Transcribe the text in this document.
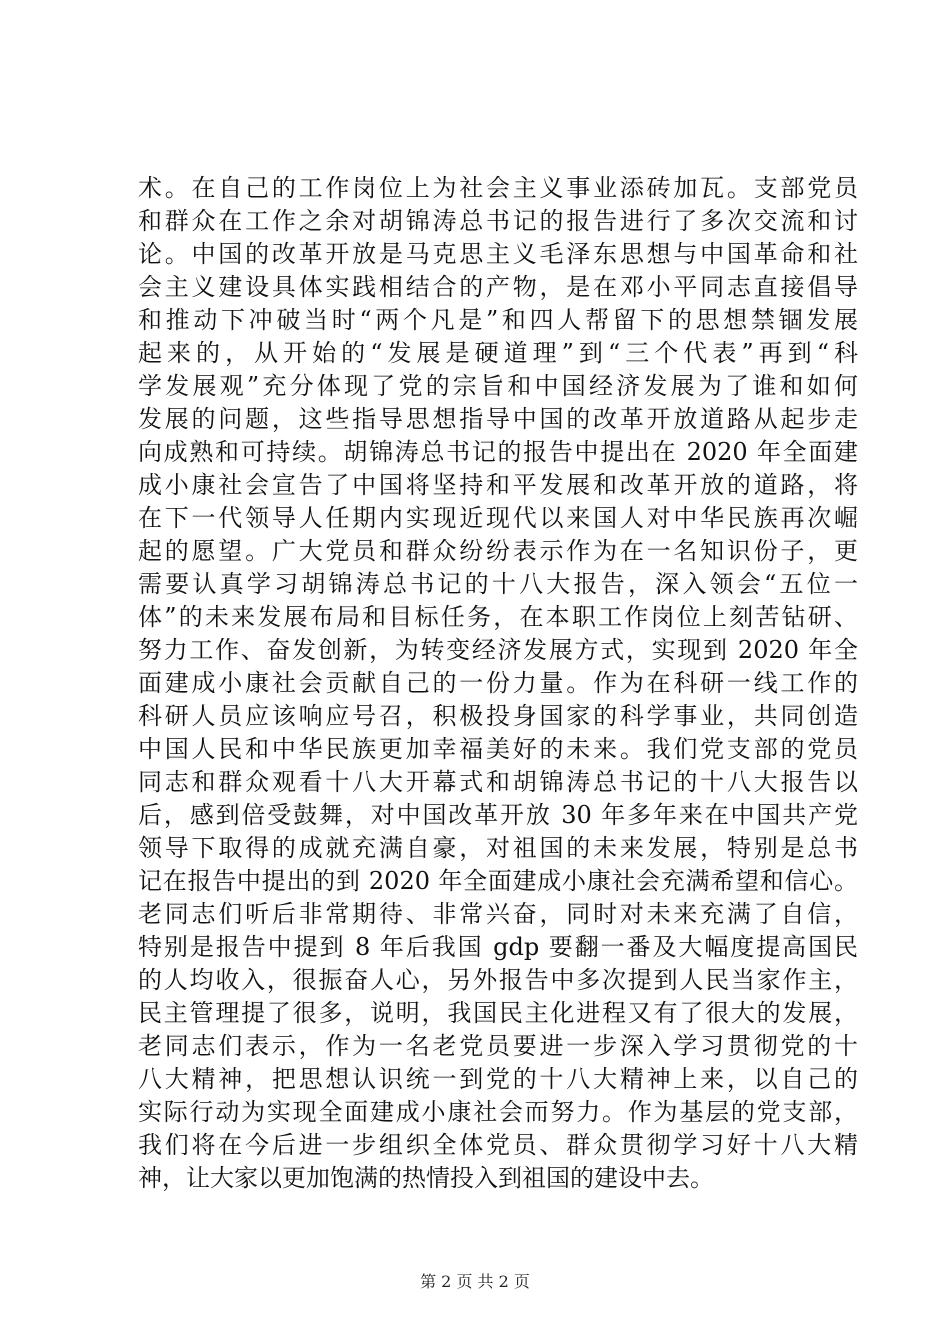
术。在自己的工作岗位上为社会主义事业添砖加瓦。支部党员
和群众在工作之余对胡锦涛总书记的报告进行了多次交流和讨
论。中国的改革开放是马克思主义毛泽东思想与中国革命和社
会主义建设具体实践相结合的产物，是在邓小平同志直接倡导
和推动下冲破当时“两个凡是”和四人帮留下的思想禁锢发展
起来的，从开始的“发展是硬道理”到“三个代表”再到“科
学发展观”充分体现了党的宗旨和中国经济发展为了谁和如何
发展的问题，这些指导思想指导中国的改革开放道路从起步走
向成熟和可持续。胡锦涛总书记的报告中提出在 2020 年全面建
成小康社会宣告了中国将坚持和平发展和改革开放的道路，将
在下一代领导人任期内实现近现代以来国人对中华民族再次崛
起的愿望。广大党员和群众纷纷表示作为在一名知识份子，更
需要认真学习胡锦涛总书记的十八大报告，深入领会“五位一
体”的未来发展布局和目标任务，在本职工作岗位上刻苦钻研、
努力工作、奋发创新，为转变经济发展方式，实现到 2020 年全
面建成小康社会贡献自己的一份力量。作为在科研一线工作的
科研人员应该响应号召，积极投身国家的科学事业，共同创造
中国人民和中华民族更加幸福美好的未来。我们党支部的党员
同志和群众观看十八大开幕式和胡锦涛总书记的十八大报告以
后，感到倍受鼓舞，对中国改革开放 30 年多年来在中国共产党
领导下取得的成就充满自豪，对祖国的未来发展，特别是总书
记在报告中提出的到 2020 年全面建成小康社会充满希望和信心。
老同志们听后非常期待、非常兴奋，同时对未来充满了自信，
特别是报告中提到 8 年后我国 gdp 要翻一番及大幅度提高国民
的人均收入，很振奋人心，另外报告中多次提到人民当家作主，
民主管理提了很多，说明，我国民主化进程又有了很大的发展，
老同志们表示，作为一名老党员要进一步深入学习贯彻党的十
八大精神，把思想认识统一到党的十八大精神上来，以自己的
实际行动为实现全面建成小康社会而努力。作为基层的党支部，
我们将在今后进一步组织全体党员、群众贯彻学习好十八大精
神，让大家以更加饱满的热情投入到祖国的建设中去。
第 2 页 共 2 页
